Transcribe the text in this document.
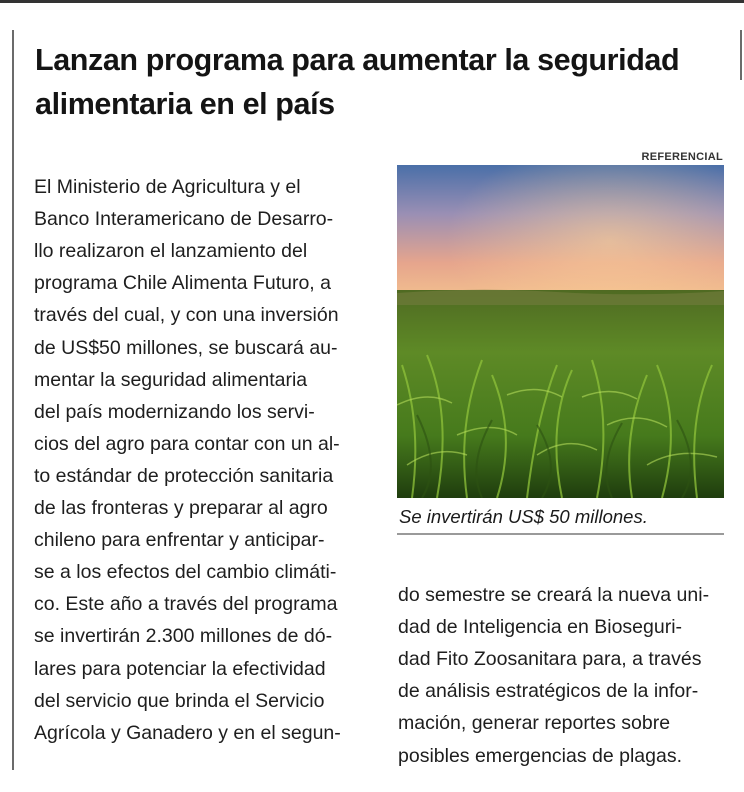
Lanzan programa para aumentar la seguridad alimentaria en el país
REFERENCIAL
Se invertirán US$ 50 millones.
El Ministerio de Agricultura y el
Banco Interamericano de Desarro-
llo realizaron el lanzamiento del
programa Chile Alimenta Futuro, a
través del cual, y con una inversión
de US$50 millones, se buscará au-
mentar la seguridad alimentaria
del país modernizando los servi-
cios del agro para contar con un al-
to estándar de protección sanitaria
de las fronteras y preparar al agro
chileno para enfrentar y anticipar-
se a los efectos del cambio climáti-
co. Este año a través del programa
se invertirán 2.300 millones de dó-
lares para potenciar la efectividad
del servicio que brinda el Servicio
Agrícola y Ganadero y en el segun-
do semestre se creará la nueva uni-
dad de Inteligencia en Bioseguri-
dad Fito Zoosanitara para, a través
de análisis estratégicos de la infor-
mación, generar reportes sobre
posibles emergencias de plagas.
